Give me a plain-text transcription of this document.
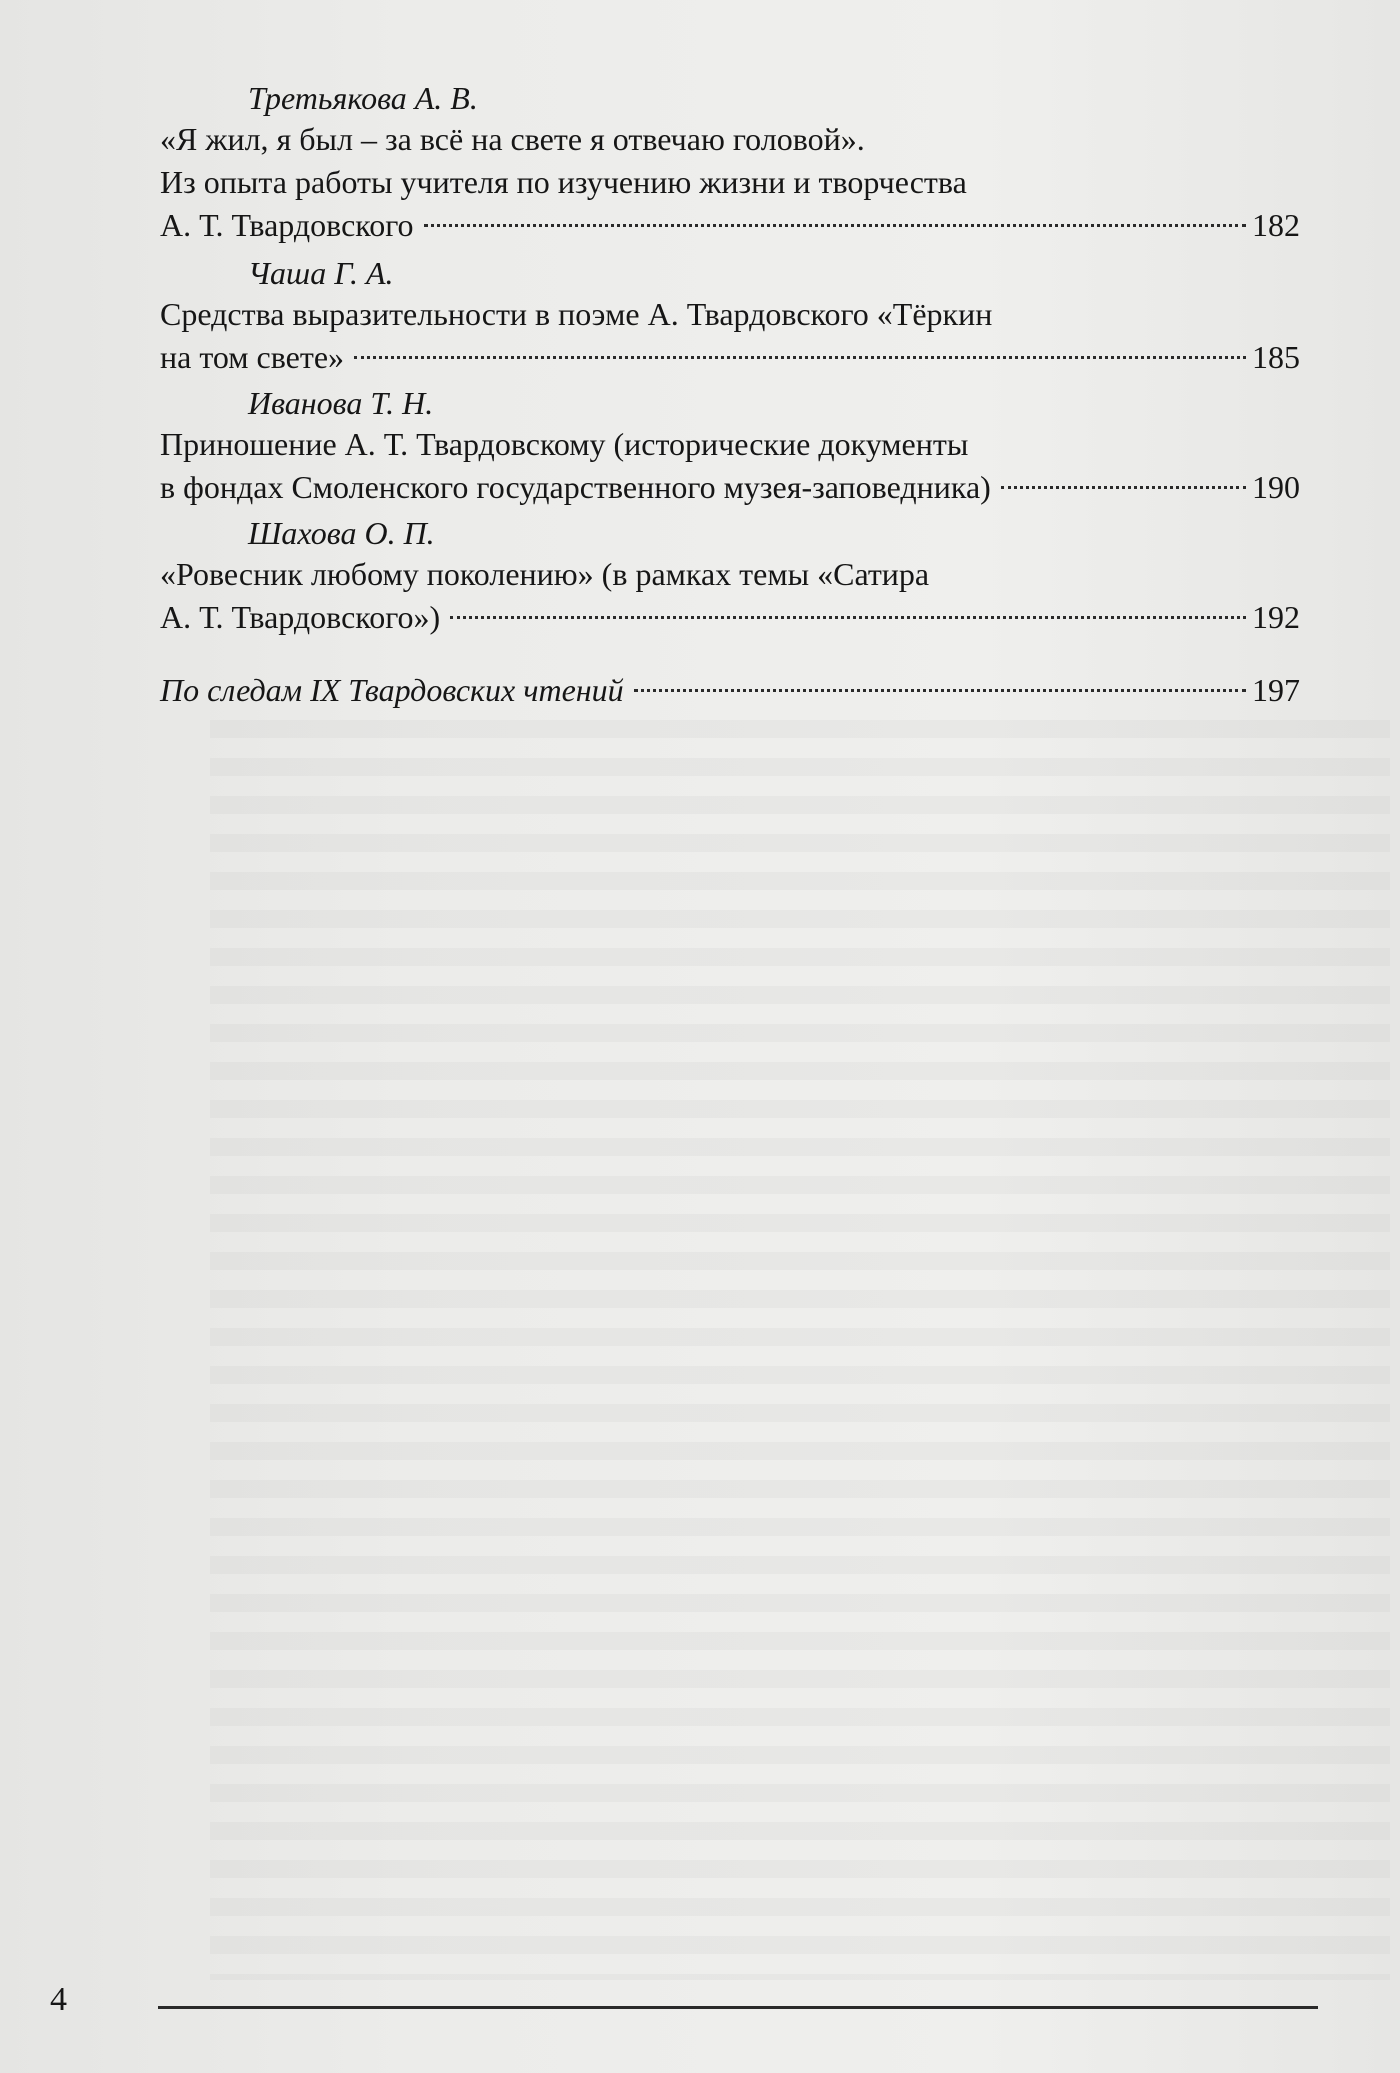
Третьякова А. В.
«Я жил, я был – за всё на свете я отвечаю головой».
Из опыта работы учителя по изучению жизни и творчества
А. Т. Твардовского	182
Чаша Г. А.
Средства выразительности в поэме А. Твардовского «Тёркин
на том свете»	185
Иванова Т. Н.
Приношение А. Т. Твардовскому (исторические документы
в фондах Смоленского государственного музея-заповедника)	190
Шахова О. П.
«Ровесник любому поколению» (в рамках темы «Сатира
А. Т. Твардовского»)	192
По следам IX Твардовских чтений	197
4
